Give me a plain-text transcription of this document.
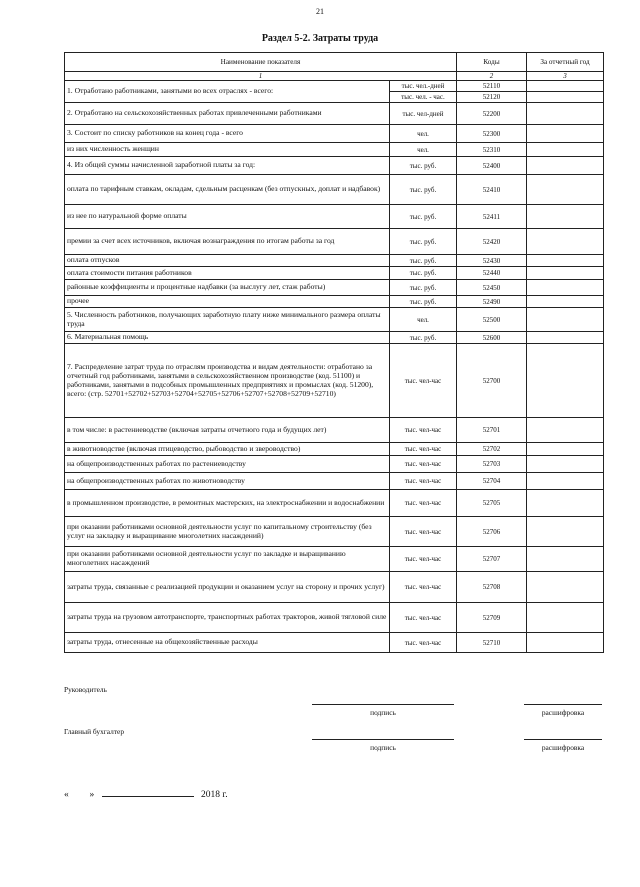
21
Раздел 5-2. Затраты труда
Наименование показателя		Коды	За отчетный год
1		2	3
1. Отработано работниками, занятыми во всех отраслях - всего:	тыс. чел.-дней	52110	
	тыс. чел. - час.	52120	
2. Отработано на сельскохозяйственных работах привлеченными работниками	тыс. чел-дней	52200	
3. Состоит по списку работников на конец года - всего	чел.	52300	
из них численность женщин	чел.	52310	
4. Из общей суммы начисленной заработной платы за год:	тыс. руб.	52400	
оплата по тарифным ставкам, окладам, сдельным расценкам (без отпускных, доплат и надбавок)	тыс. руб.	52410	
из нее по натуральной форме оплаты	тыс. руб.	52411	
премии за счет всех источников, включая вознаграждения по итогам работы за год	тыс. руб.	52420	
оплата отпусков	тыс. руб.	52430	
оплата стоимости питания работников	тыс. руб.	52440	
районные коэффициенты и процентные надбавки (за выслугу лет, стаж работы)	тыс. руб.	52450	
прочее	тыс. руб.	52490	
5. Численность работников, получающих заработную плату ниже минимального размера оплаты труда	чел.	52500	
6. Материальная помощь	тыс. руб.	52600	
7. Распределение затрат труда по отраслям производства и видам деятельности: отработано за отчетный год работниками, занятыми в сельскохозяйственном производстве (код. 51100) и работниками, занятыми в подсобных промышленных предприятиях и промыслах (код. 51200), всего: (стр. 52701+52702+52703+52704+52705+52706+52707+52708+52709+52710)	тыс. чел-час	52700	
в том числе: в растениеводстве (включая затраты отчетного года и будущих лет)	тыс. чел-час	52701	
в животноводстве (включая птицеводство, рыбоводство и звероводство)	тыс. чел-час	52702	
на общепроизводственных работах по растениеводству	тыс. чел-час	52703	
на общепроизводственных работах по животноводству	тыс. чел-час	52704	
в промышленном производстве, в ремонтных мастерских, на электроснабжении и водоснабжении	тыс. чел-час	52705	
при оказании работниками основной деятельности услуг по капитальному строительству (без услуг на закладку и выращивание многолетних насаждений)	тыс. чел-час	52706	
при оказании работниками основной деятельности услуг по закладке и выращиванию многолетних насаждений	тыс. чел-час	52707	
затраты труда, связанные с реализацией продукции и оказанием услуг на сторону и прочих услуг)	тыс. чел-час	52708	
затраты труда на грузовом автотранспорте, транспортных работах тракторов, живой тягловой силе	тыс. чел-час	52709	
затраты труда, отнесенные на общехозяйственные расходы	тыс. чел-час	52710	
Руководитель
подпись	расшифровка
Главный бухгалтер
подпись	расшифровка
« »	2018 г.
